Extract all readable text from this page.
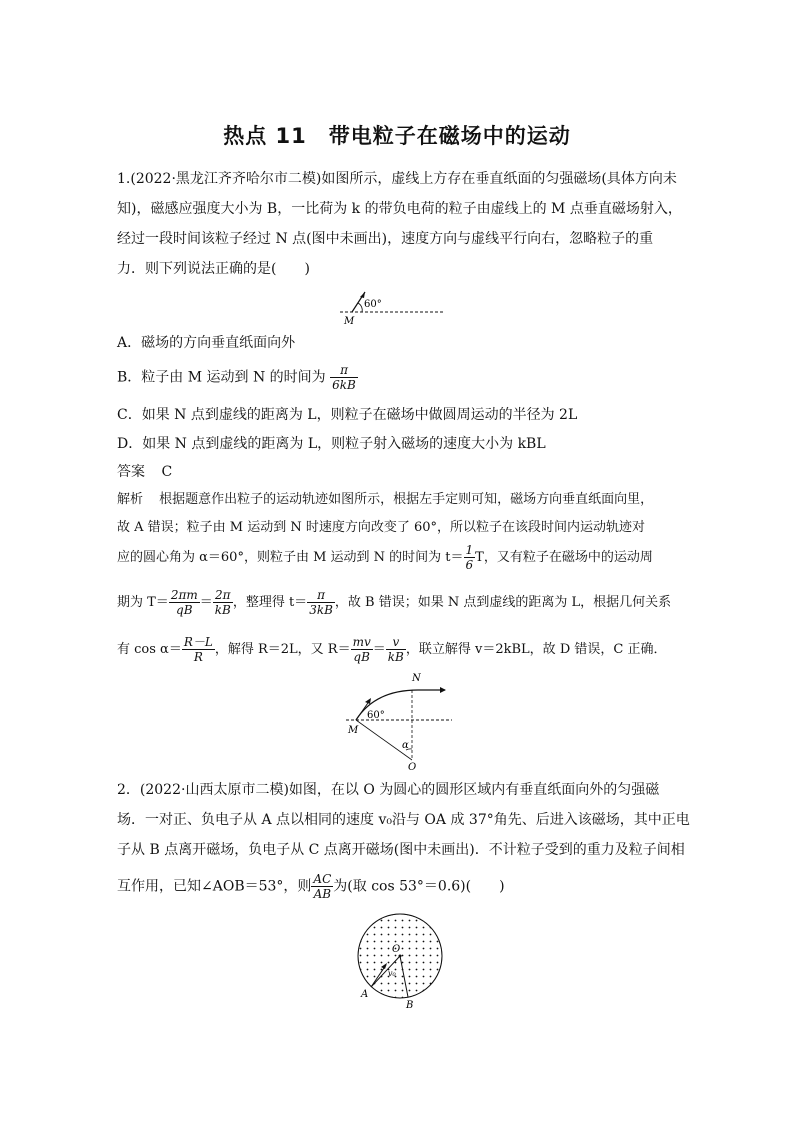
热点 11　带电粒子在磁场中的运动
1.(2022·黑龙江齐齐哈尔市二模)如图所示，虚线上方存在垂直纸面的匀强磁场(具体方向未
知)，磁感应强度大小为 B，一比荷为 k 的带负电荷的粒子由虚线上的 M 点垂直磁场射入，
经过一段时间该粒子经过 N 点(图中未画出)，速度方向与虚线平行向右，忽略粒子的重
力．则下列说法正确的是(　　)
60°
M
A．磁场的方向垂直纸面向外
B．粒子由 M 运动到 N 的时间为 $\frac{\pi}{6kB}$
C．如果 N 点到虚线的距离为 L，则粒子在磁场中做圆周运动的半径为 2L
D．如果 N 点到虚线的距离为 L，则粒子射入磁场的速度大小为 kBL
答案 C
解析 根据题意作出粒子的运动轨迹如图所示，根据左手定则可知，磁场方向垂直纸面向里，
故 A 错误；粒子由 M 运动到 N 时速度方向改变了 60°，所以粒子在该段时间内运动轨迹对
应的圆心角为 α＝60°，则粒子由 M 运动到 N 的时间为 $t= \frac{1}{6}$ T，又有粒子在磁场中的运动周
期为 $T= \frac{2\pi m}{qB} = \frac{2\pi}{kB}$ ，整理得 $t= \frac{\pi}{3kB}$ ，故 B 错误；如果 N 点到虚线的距离为 L，根据几何关系
有 $\cos \alpha= \frac{R-L}{R}$ ，解得 R＝2L，又 $R= \frac{mv}{qB} = \frac{v}{kB}$ ，联立解得 v＝2kBL，故 D 错误，C 正确．
N
60°
M
α
O
2．(2022·山西太原市二模)如图，在以 O 为圆心的圆形区域内有垂直纸面向外的匀强磁
场．一对正、负电子从 A 点以相同的速度 v₀沿与 OA 成 37°角先、后进入该磁场，其中正电
子从 B 点离开磁场，负电子从 C 点离开磁场(图中未画出)．不计粒子受到的重力及粒子间相
互作用，已知∠AOB＝53°，则 $\frac{AC}{AB}$ 为(取 cos 53°＝0.6)(　　)
O
v₀
A
B
